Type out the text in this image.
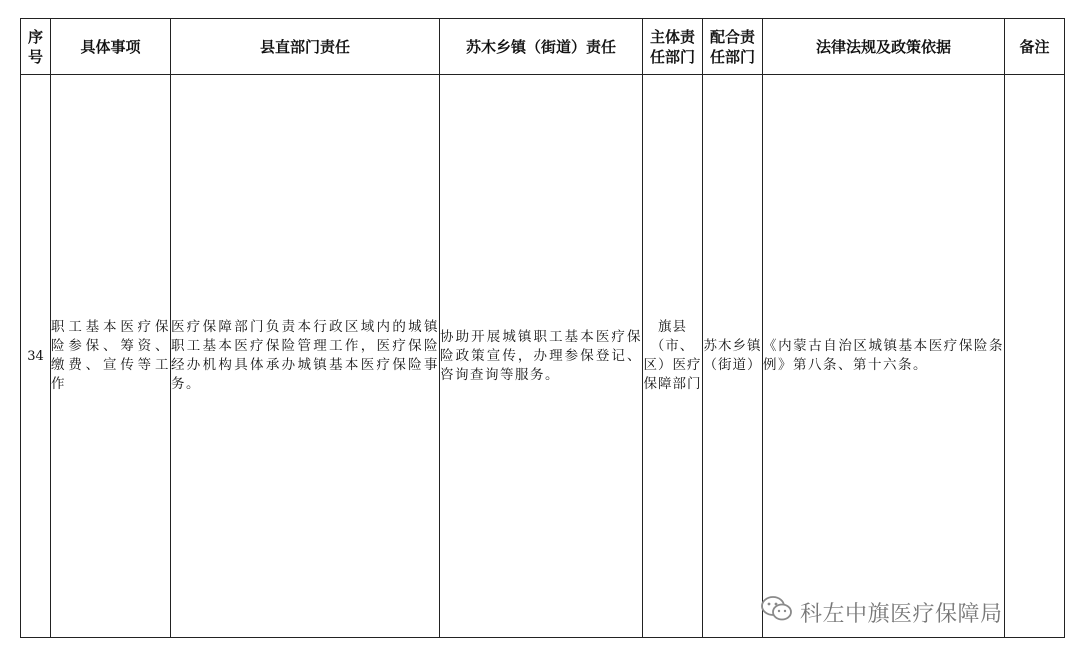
序号	具体事项	县直部门责任	苏木乡镇（街道）责任	主体责任部门	配合责任部门	法律法规及政策依据	备注
34	职工基本医疗保险参保、筹资、缴费、宣传等工作	医疗保障部门负责本行政区域内的城镇职工基本医疗保险管理工作，医疗保险经办机构具体承办城镇基本医疗保险事务。	协助开展城镇职工基本医疗保险政策宣传，办理参保登记、咨询查询等服务。	旗县（市、区）医疗保障部门	苏木乡镇（街道）	《内蒙古自治区城镇基本医疗保险条例》第八条、第十六条。	
科左中旗医疗保障局
